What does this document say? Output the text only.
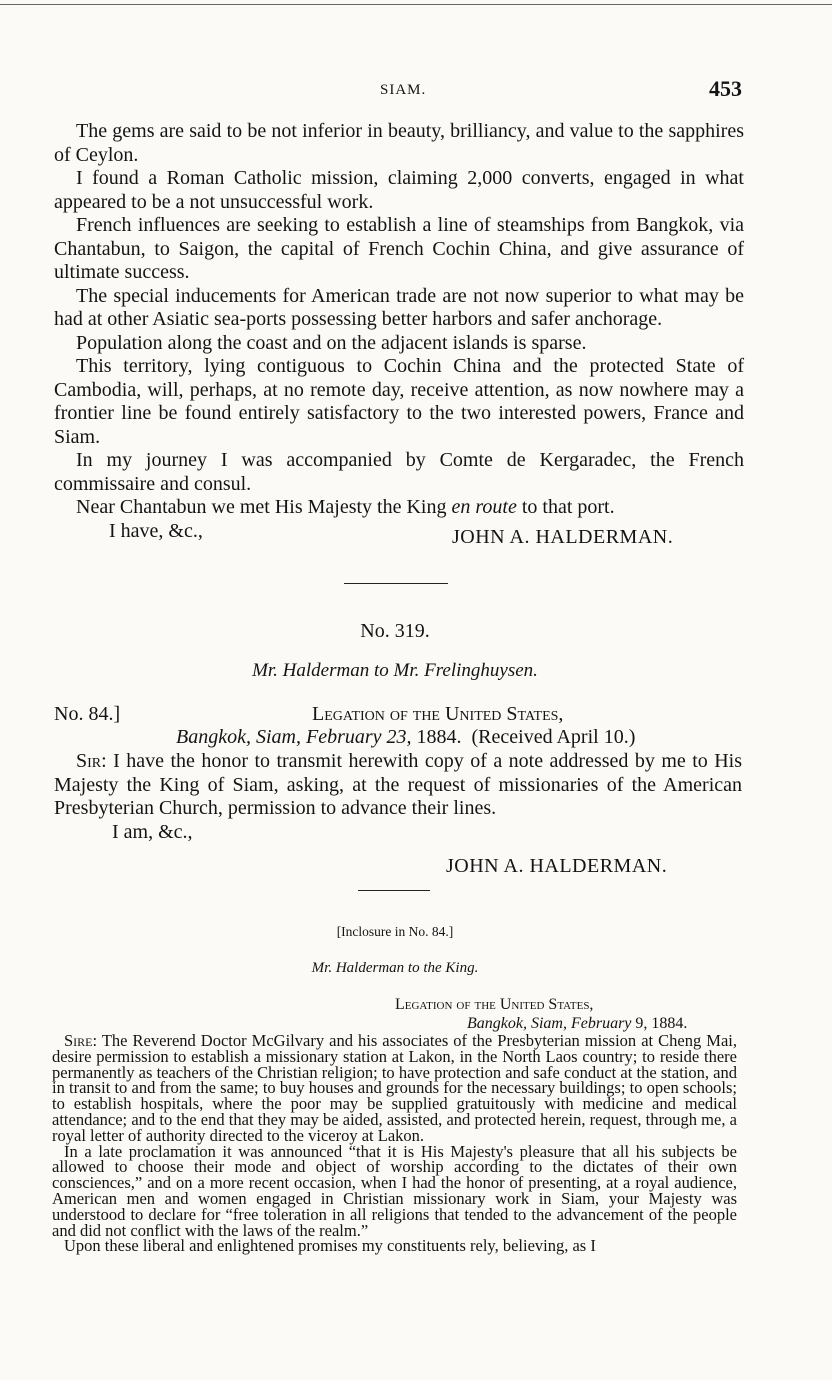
SIAM.	453

The gems are said to be not inferior in beauty, brilliancy, and value to the sapphires of Ceylon.

I found a Roman Catholic mission, claiming 2,000 converts, engaged in what appeared to be a not unsuccessful work.

French influences are seeking to establish a line of steamships from Bangkok, via Chantabun, to Saigon, the capital of French Cochin China, and give assurance of ultimate success.

The special inducements for American trade are not now superior to what may be had at other Asiatic sea-ports possessing better harbors and safer anchorage.

Population along the coast and on the adjacent islands is sparse.

This territory, lying contiguous to Cochin China and the protected State of Cambodia, will, perhaps, at no remote day, receive attention, as now nowhere may a frontier line be found entirely satisfactory to the two interested powers, France and Siam.

In my journey I was accompanied by Comte de Kergaradec, the French commissaire and consul.

Near Chantabun we met His Majesty the King en route to that port.

I have, &c.,	JOHN A. HALDERMAN.
No. 319.
Mr. Halderman to Mr. Frelinghuysen.
No. 84.]	Legation of the United States,
Bangkok, Siam, February 23, 1884. (Received April 10.)

Sir: I have the honor to transmit herewith copy of a note addressed by me to His Majesty the King of Siam, asking, at the request of missionaries of the American Presbyterian Church, permission to advance their lines.

I am, &c.,

JOHN A. HALDERMAN.
[Inclosure in No. 84.]
Mr. Halderman to the King.
Legation of the United States,
Bangkok, Siam, February 9, 1884.

Sire: The Reverend Doctor McGilvary and his associates of the Presbyterian mission at Cheng Mai, desire permission to establish a missionary station at Lakon, in the North Laos country; to reside there permanently as teachers of the Christian religion; to have protection and safe conduct at the station, and in transit to and from the same; to buy houses and grounds for the necessary buildings; to open schools; to establish hospitals, where the poor may be supplied gratuitously with medicine and medical attendance; and to the end that they may be aided, assisted, and protected herein, request, through me, a royal letter of authority directed to the viceroy at Lakon.

In a late proclamation it was announced “that it is His Majesty's pleasure that all his subjects be allowed to choose their mode and object of worship according to the dictates of their own consciences,” and on a more recent occasion, when I had the honor of presenting, at a royal audience, American men and women engaged in Christian missionary work in Siam, your Majesty was understood to declare for “free toleration in all religions that tended to the advancement of the people and did not conflict with the laws of the realm.”

Upon these liberal and enlightened promises my constituents rely, believing, as I
